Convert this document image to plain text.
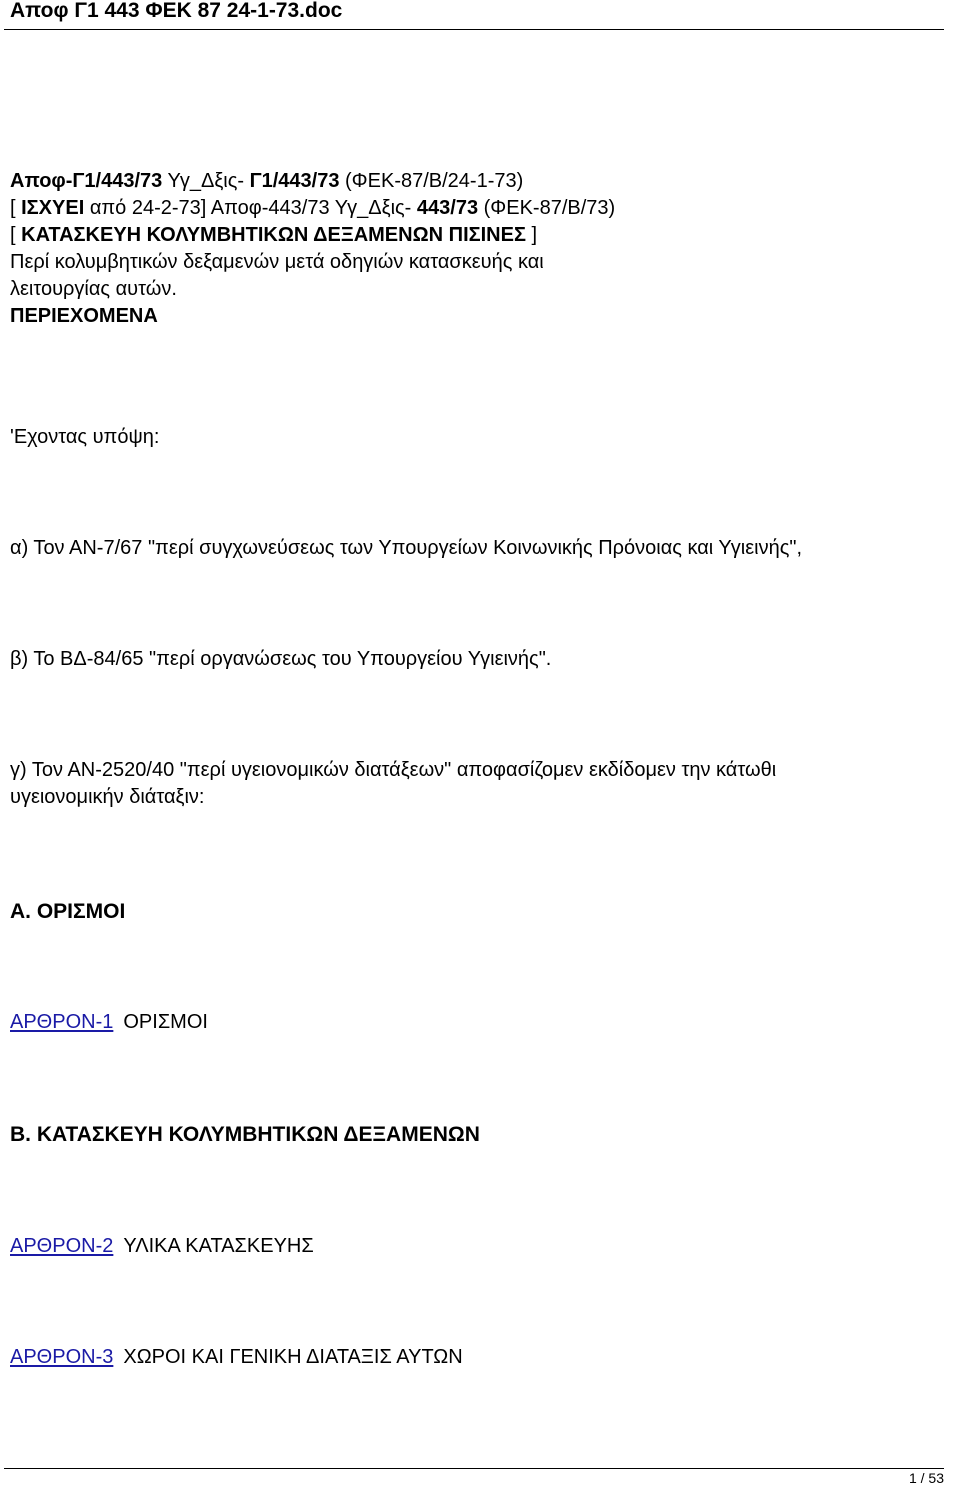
Αποφ Γ1 443 ΦΕΚ 87 24-1-73.doc
Αποφ-Γ1/443/73 Υγ_Δξις- Γ1/443/73 (ΦΕΚ-87/Β/24-1-73)
[ ΙΣΧΥΕΙ από 24-2-73] Αποφ-443/73 Υγ_Δξις- 443/73 (ΦΕΚ-87/Β/73)
[ ΚΑΤΑΣΚΕΥΗ ΚΟΛΥΜΒΗΤΙΚΩΝ ΔΕΞΑΜΕΝΩΝ ΠΙΣΙΝΕΣ ]
Περί κολυμβητικών δεξαμενών μετά οδηγιών κατασκευής και
λειτουργίας αυτών.
ΠΕΡΙΕΧΟΜΕΝΑ
'Εχοντας υπόψη:
α) Τον ΑΝ-7/67 "περί συγχωνεύσεως των Υπουργείων Κοινωνικής Πρόνοιας και Υγιεινής",
β) Το ΒΔ-84/65 "περί οργανώσεως του Υπουργείου Υγιεινής".
γ) Τον ΑΝ-2520/40 "περί υγειονομικών διατάξεων" αποφασίζομεν εκδίδομεν την κάτωθι
υγειονομικήν διάταξιν:
Α. ΟΡΙΣΜΟΙ
ΑΡΘΡΟΝ-1 ΟΡΙΣΜΟΙ
Β. ΚΑΤΑΣΚΕΥΗ ΚΟΛΥΜΒΗΤΙΚΩΝ ΔΕΞΑΜΕΝΩΝ
ΑΡΘΡΟΝ-2 ΥΛΙΚΑ ΚΑΤΑΣΚΕΥΗΣ
ΑΡΘΡΟΝ-3 ΧΩΡΟΙ ΚΑΙ ΓΕΝΙΚΗ ΔΙΑΤΑΞΙΣ ΑΥΤΩΝ
1 / 53
